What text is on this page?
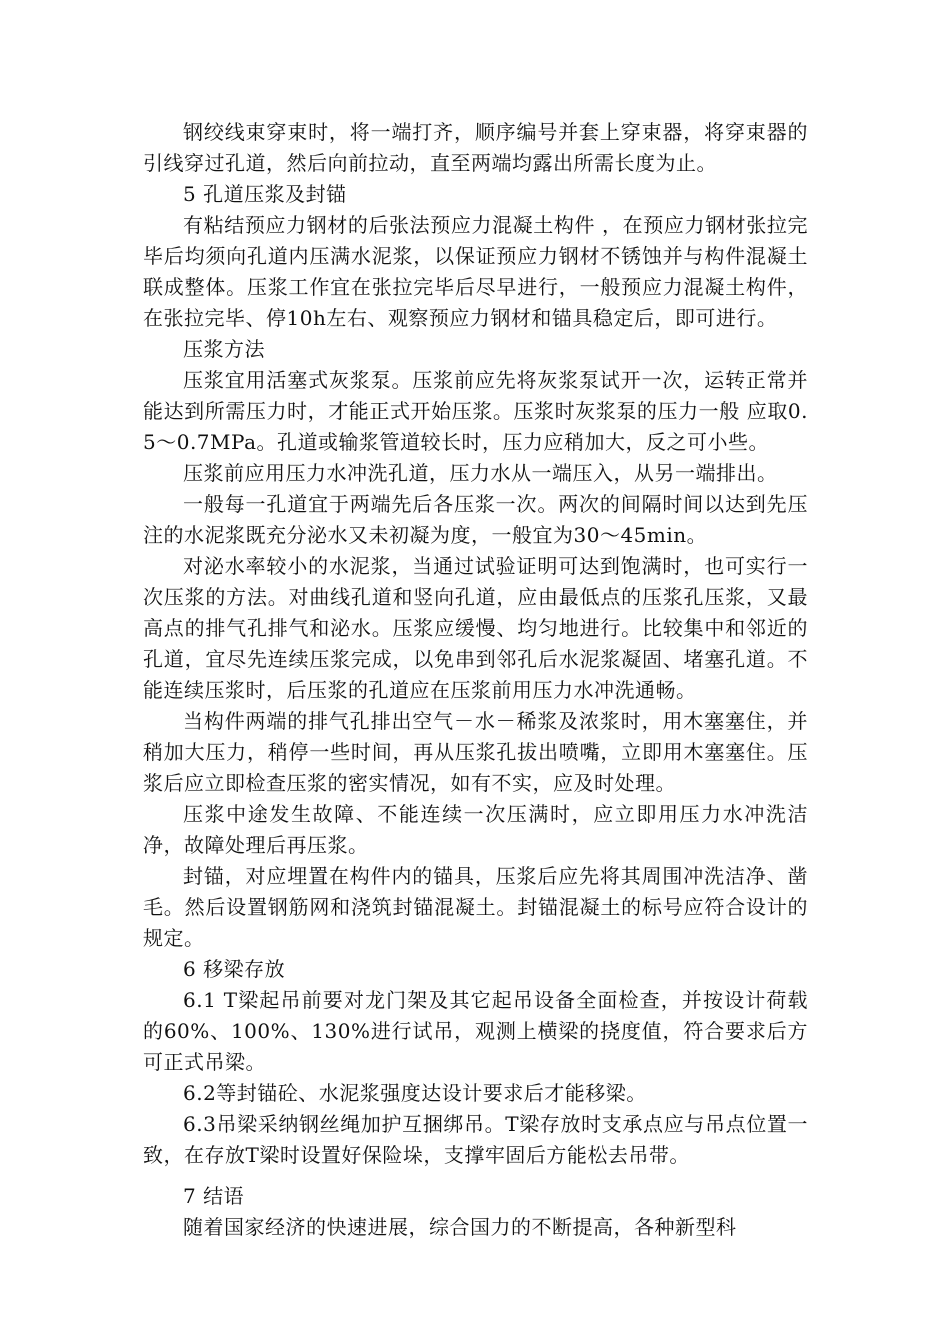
钢绞线束穿束时，将一端打齐，顺序编号并套上穿束器，将穿束器的引线穿过孔道，然后向前拉动，直至两端均露出所需长度为止。

5 孔道压浆及封锚

有粘结预应力钢材的后张法预应力混凝土构件 ，在预应力钢材张拉完毕后均须向孔道内压满水泥浆，以保证预应力钢材不锈蚀并与构件混凝土联成整体。压浆工作宜在张拉完毕后尽早进行，一般预应力混凝土构件，在张拉完毕、停10h左右、观察预应力钢材和锚具稳定后，即可进行。

压浆方法

压浆宜用活塞式灰浆泵。压浆前应先将灰浆泵试开一次，运转正常并能达到所需压力时，才能正式开始压浆。压浆时灰浆泵的压力一般 应取0.5～0.7MPa。孔道或输浆管道较长时，压力应稍加大，反之可小些。

压浆前应用压力水冲洗孔道，压力水从一端压入，从另一端排出。

一般每一孔道宜于两端先后各压浆一次。两次的间隔时间以达到先压注的水泥浆既充分泌水又未初凝为度，一般宜为30～45min。

对泌水率较小的水泥浆，当通过试验证明可达到饱满时，也可实行一次压浆的方法。对曲线孔道和竖向孔道，应由最低点的压浆孔压浆，又最高点的排气孔排气和泌水。压浆应缓慢、均匀地进行。比较集中和邻近的孔道，宜尽先连续压浆完成，以免串到邻孔后水泥浆凝固、堵塞孔道。不能连续压浆时，后压浆的孔道应在压浆前用压力水冲洗通畅。

当构件两端的排气孔排出空气－水－稀浆及浓浆时，用木塞塞住，并稍加大压力，稍停一些时间，再从压浆孔拔出喷嘴，立即用木塞塞住。压浆后应立即检查压浆的密实情况，如有不实，应及时处理。

压浆中途发生故障、不能连续一次压满时，应立即用压力水冲洗洁净，故障处理后再压浆。

封锚，对应埋置在构件内的锚具，压浆后应先将其周围冲洗洁净、凿毛。然后设置钢筋网和浇筑封锚混凝土。封锚混凝土的标号应符合设计的规定。

6 移梁存放

6.1 T梁起吊前要对龙门架及其它起吊设备全面检查，并按设计荷载的60%、100%、130%进行试吊，观测上横梁的挠度值，符合要求后方可正式吊梁。

6.2等封锚砼、水泥浆强度达设计要求后才能移梁。

6.3吊梁采纳钢丝绳加护互捆绑吊。T梁存放时支承点应与吊点位置一致，在存放T梁时设置好保险垛，支撑牢固后方能松去吊带。

7 结语

随着国家经济的快速进展，综合国力的不断提高，各种新型科
